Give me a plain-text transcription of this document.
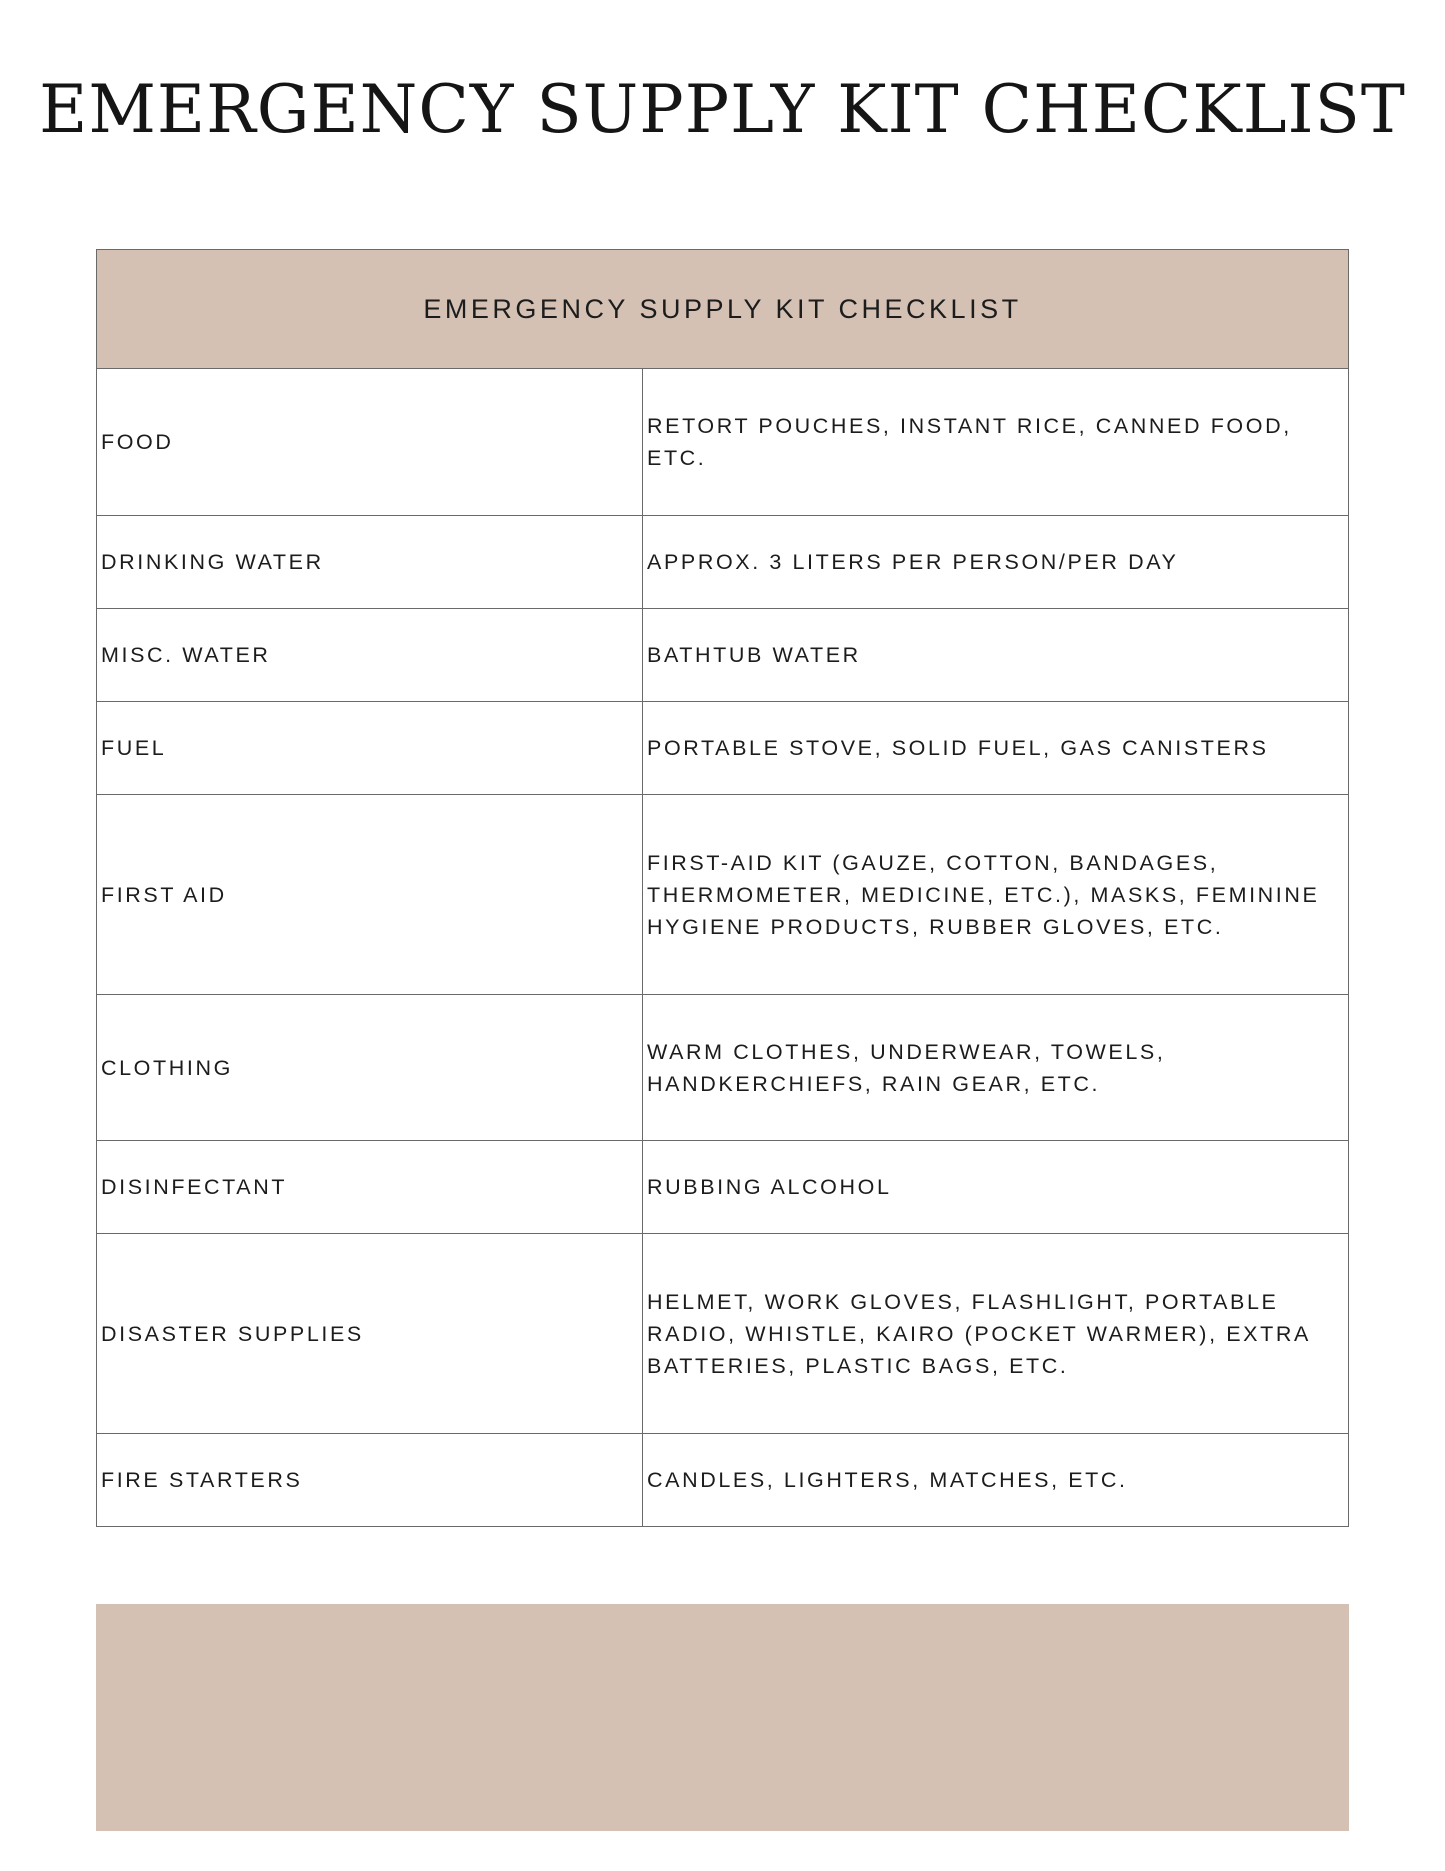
EMERGENCY SUPPLY KIT CHECKLIST
EMERGENCY SUPPLY KIT CHECKLIST	
FOOD	RETORT POUCHES, INSTANT RICE, CANNED FOOD, ETC.
DRINKING WATER	APPROX. 3 LITERS PER PERSON/PER DAY
MISC. WATER	BATHTUB WATER
FUEL	PORTABLE STOVE, SOLID FUEL, GAS CANISTERS
FIRST AID	FIRST-AID KIT (GAUZE, COTTON, BANDAGES, THERMOMETER, MEDICINE, ETC.), MASKS, FEMININE HYGIENE PRODUCTS, RUBBER GLOVES, ETC.
CLOTHING	WARM CLOTHES, UNDERWEAR, TOWELS, HANDKERCHIEFS, RAIN GEAR, ETC.
DISINFECTANT	RUBBING ALCOHOL
DISASTER SUPPLIES	HELMET, WORK GLOVES, FLASHLIGHT, PORTABLE RADIO, WHISTLE, KAIRO (POCKET WARMER), EXTRA BATTERIES, PLASTIC BAGS, ETC.
FIRE STARTERS	CANDLES, LIGHTERS, MATCHES, ETC.
